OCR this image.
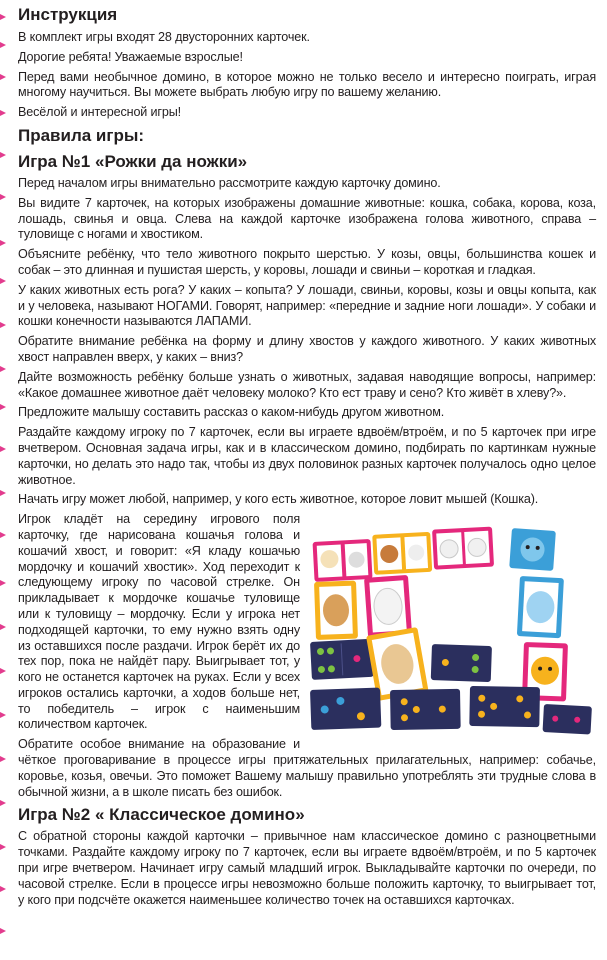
Инструкция

В комплект игры входят 28 двусторонних карточек.

Дорогие ребята! Уважаемые взрослые!

Перед вами необычное домино, в которое можно не только весело и интересно поиграть, играя многому научиться. Вы можете выбрать любую игру по вашему желанию.

Весёлой и интересной игры!

Правила игры:
Игра №1 «Рожки да ножки»

Перед началом игры внимательно рассмотрите каждую карточку домино.

Вы видите 7 карточек, на которых изображены домашние животные: кошка, собака, корова, коза, лошадь, свинья и овца. Слева на каждой карточке изображена голова животного, справа – туловище с ногами и хвостиком.

Объясните ребёнку, что тело животного покрыто шерстью. У козы, овцы, большинства кошек и собак – это длинная и пушистая шерсть, у коровы, лошади и свиньи – короткая и гладкая.

У каких животных есть рога? У каких – копыта? У лошади, свиньи, коровы, козы и овцы копыта, как и у человека, называют НОГАМИ. Говорят, например: «передние и задние ноги лошади». У собаки и кошки конечности называются ЛАПАМИ.

Обратите внимание ребёнка на форму и длину хвостов у каждого животного. У каких животных хвост направлен вверх, у каких – вниз?

Дайте возможность ребёнку больше узнать о животных, задавая наводящие вопросы, например: «Какое домашнее животное даёт человеку молоко? Кто ест траву и сено? Кто живёт в хлеву?».

Предложите малышу составить рассказ о каком-нибудь другом животном.

Раздайте каждому игроку по 7 карточек, если вы играете вдвоём/втроём, и по 5 карточек при игре вчетвером. Основная задача игры, как и в классическом домино, подбирать по картинкам нужные карточки, но делать это надо так, чтобы из двух половинок разных карточек получалось одно целое животное.

Начать игру может любой, например, у кого есть животное, которое ловит мышей (Кошка).

Игрок кладёт на середину игрового поля карточку, где нарисована кошачья голова и кошачий хвост, и говорит: «Я кладу кошачью мордочку и кошачий хвостик». Ход переходит к следующему игроку по часовой стрелке. Он прикладывает к мордочке кошачье туловище или к туловищу – мордочку. Если у игрока нет подходящей карточки, то ему нужно взять одну из оставшихся после раздачи. Игрок берёт их до тех пор, пока не найдёт пару. Выигрывает тот, у кого не останется карточек на руках. Если у всех игроков остались карточки, а ходов больше нет, то победитель – игрок с наименьшим количеством карточек.

Обратите особое внимание на образование и чёткое проговаривание в процессе игры притяжательных прилагательных, например: собачье, коровье, козья, овечьи. Это поможет Вашему малышу правильно употреблять эти трудные слова в обычной жизни, а в школе писать без ошибок.

Игра №2 « Классическое домино»

С обратной стороны каждой карточки – привычное нам классическое домино с разноцветными точками. Раздайте каждому игроку по 7 карточек, если вы играете вдвоём/втроём, и по 5 карточек при игре вчетвером. Начинает игру самый младший игрок. Выкладывайте карточки по очереди, по часовой стрелке. Если в процессе игры невозможно больше положить карточку, то выигрывает тот, у кого при подсчёте окажется наименьшее количество точек на оставшихся карточках.
